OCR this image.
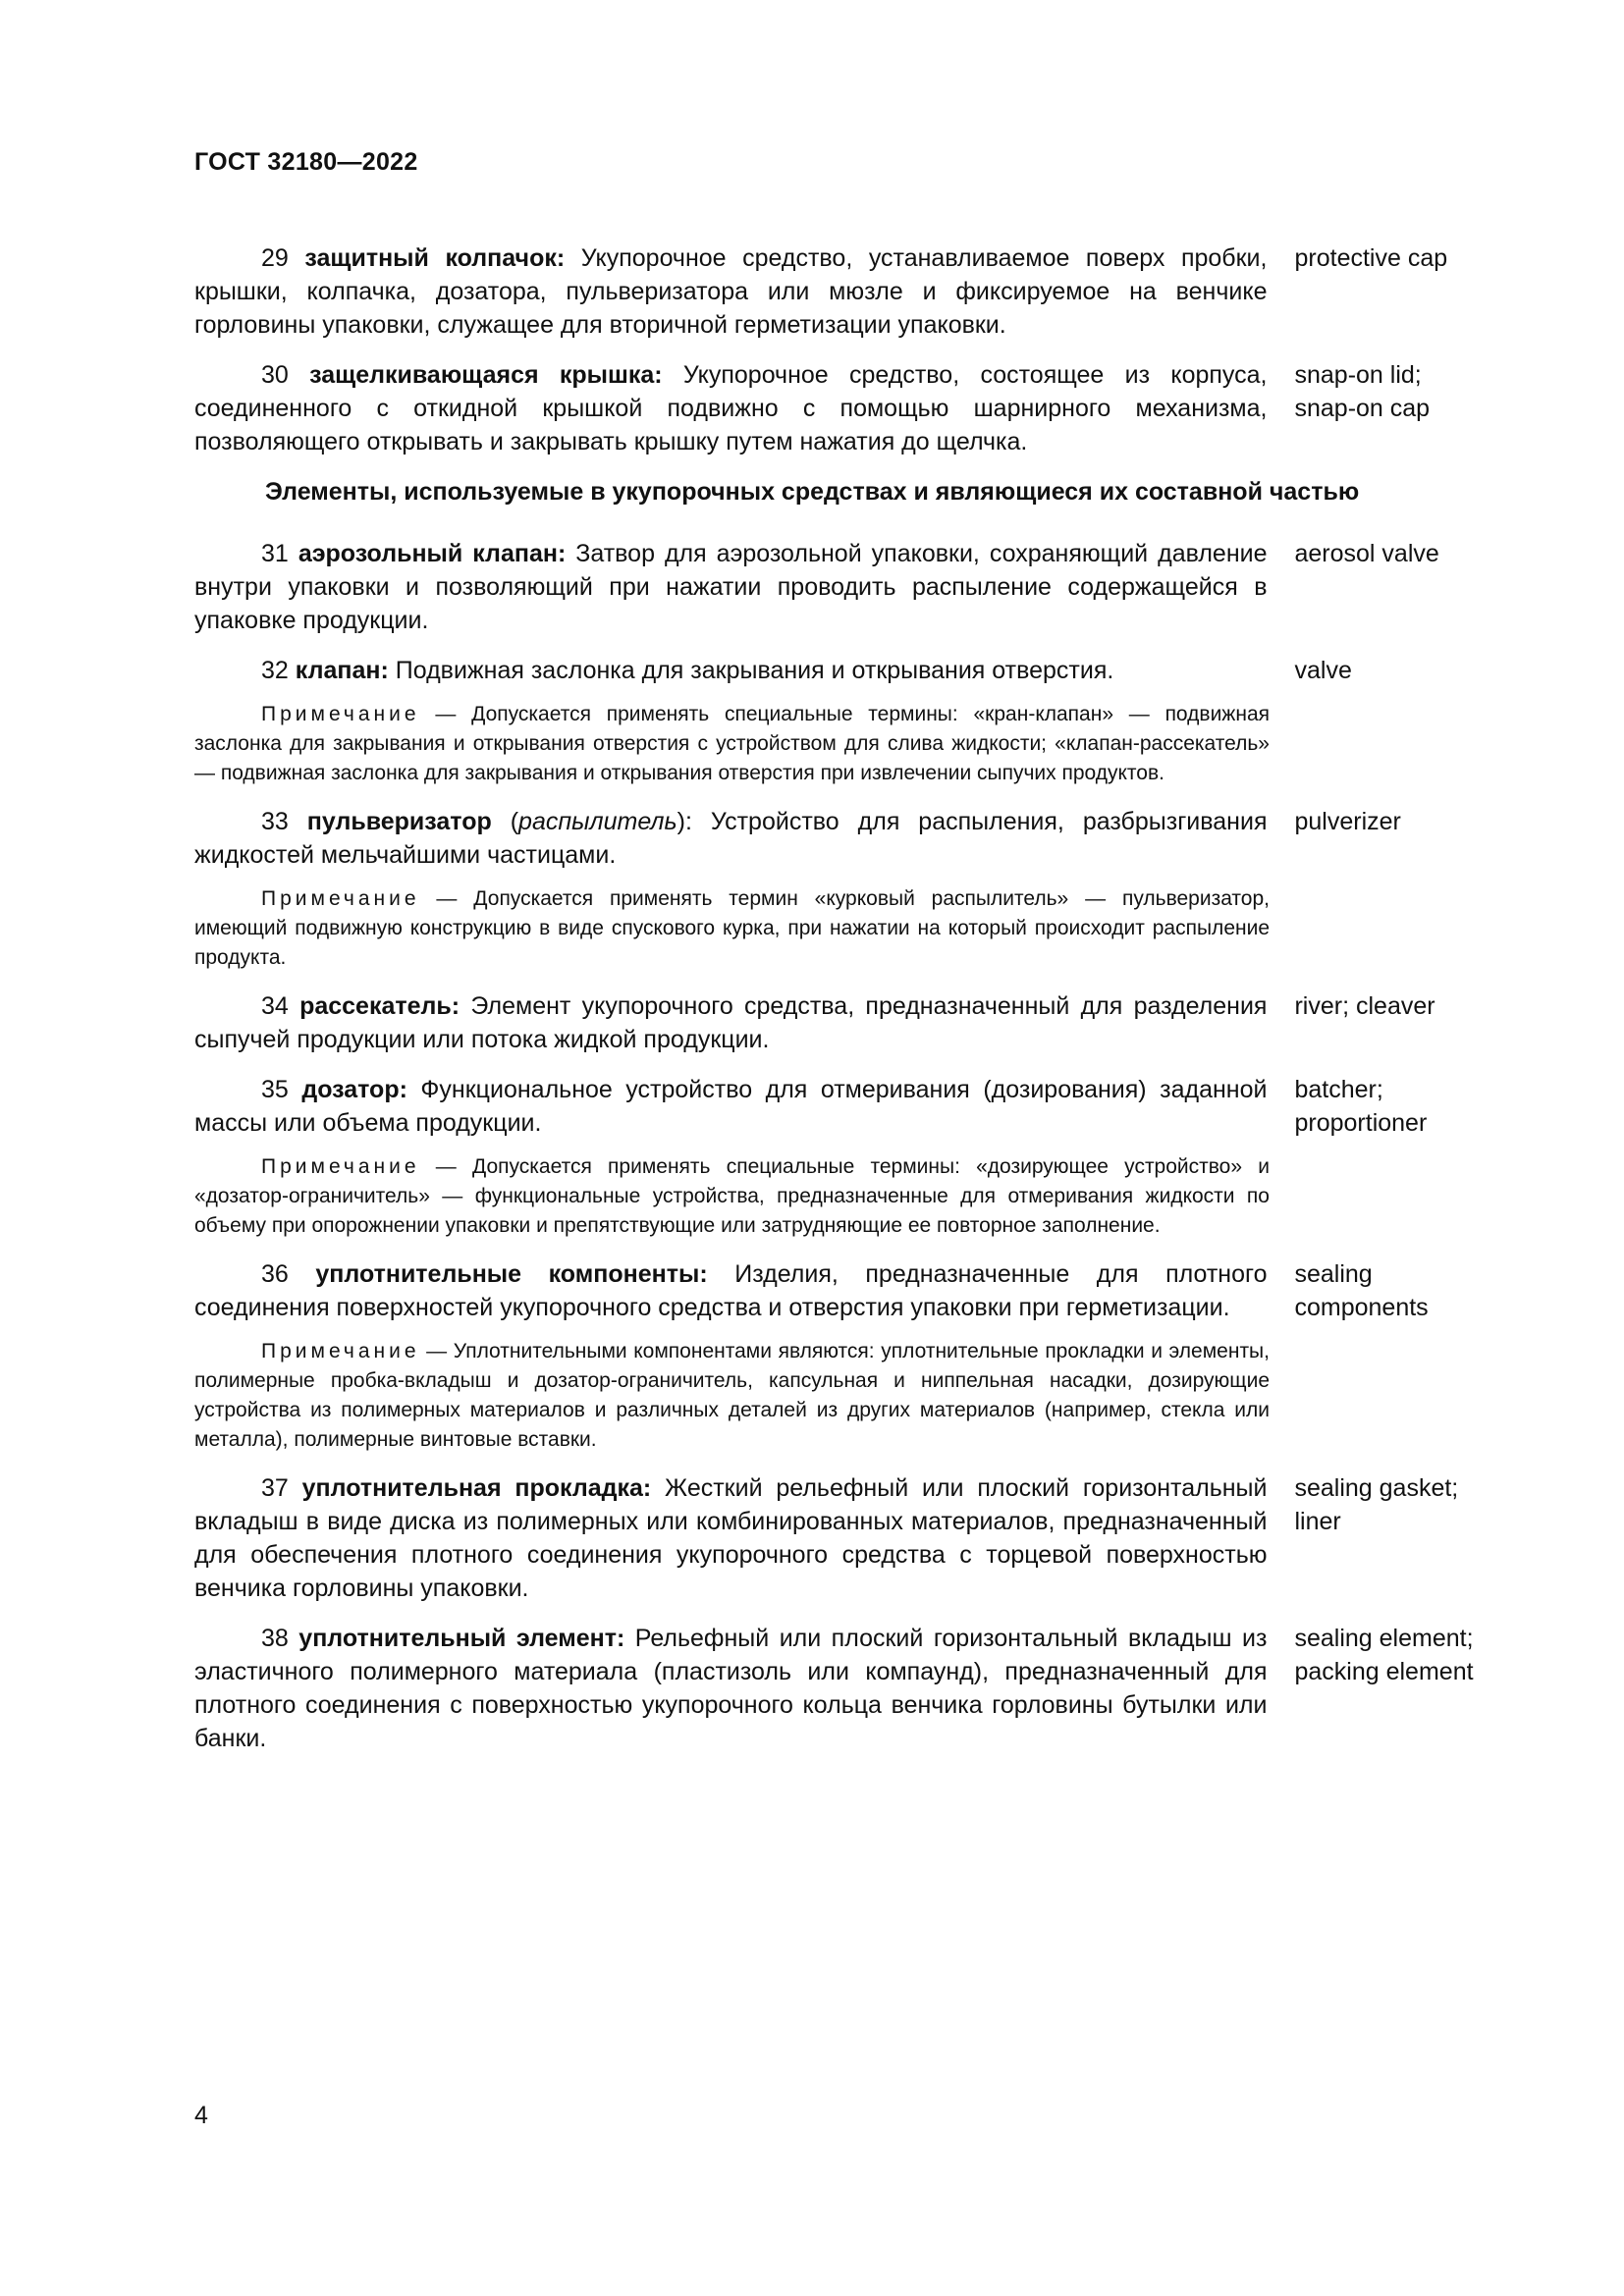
ГОСТ 32180—2022
29 защитный колпачок: Укупорочное средство, устанавливаемое поверх пробки, крышки, колпачка, дозатора, пульверизатора или мюзле и фиксируемое на венчике горловины упаковки, служащее для вторичной герметизации упаковки.
protective cap
30 защелкивающаяся крышка: Укупорочное средство, состоящее из корпуса, соединенного с откидной крышкой подвижно с помощью шарнирного механизма, позволяющего открывать и закрывать крышку путем нажатия до щелчка.
snap-on lid;
snap-on cap
Элементы, используемые в укупорочных средствах и являющиеся их составной частью
31 аэрозольный клапан: Затвор для аэрозольной упаковки, сохраняющий давление внутри упаковки и позволяющий при нажатии проводить распыление содержащейся в упаковке продукции.
aerosol valve
32 клапан: Подвижная заслонка для закрывания и открывания отверстия.	valve
Примечание — Допускается применять специальные термины: «кран-клапан» — подвижная заслонка для закрывания и открывания отверстия с устройством для слива жидкости; «клапан-рассекатель» — подвижная заслонка для закрывания и открывания отверстия при извлечении сыпучих продуктов.
33 пульверизатор (распылитель): Устройство для распыления, разбрызгивания жидкостей мельчайшими частицами.
pulverizer
Примечание — Допускается применять термин «курковый распылитель» — пульверизатор, имеющий подвижную конструкцию в виде спускового курка, при нажатии на который происходит распыление продукта.
34 рассекатель: Элемент укупорочного средства, предназначенный для разделения сыпучей продукции или потока жидкой продукции.
river; cleaver
35 дозатор: Функциональное устройство для отмеривания (дозирования) заданной массы или объема продукции.
batcher;
proportioner
Примечание — Допускается применять специальные термины: «дозирующее устройство» и «дозатор-ограничитель» — функциональные устройства, предназначенные для отмеривания жидкости по объему при опорожнении упаковки и препятствующие или затрудняющие ее повторное заполнение.
36 уплотнительные компоненты: Изделия, предназначенные для плотного соединения поверхностей укупорочного средства и отверстия упаковки при герметизации.
sealing
components
Примечание — Уплотнительными компонентами являются: уплотнительные прокладки и элементы, полимерные пробка-вкладыш и дозатор-ограничитель, капсульная и ниппельная насадки, дозирующие устройства из полимерных материалов и различных деталей из других материалов (например, стекла или металла), полимерные винтовые вставки.
37 уплотнительная прокладка: Жесткий рельефный или плоский горизонтальный вкладыш в виде диска из полимерных или комбинированных материалов, предназначенный для обеспечения плотного соединения укупорочного средства с торцевой поверхностью венчика горловины упаковки.
sealing gasket;
liner
38 уплотнительный элемент: Рельефный или плоский горизонтальный вкладыш из эластичного полимерного материала (пластизоль или компаунд), предназначенный для плотного соединения с поверхностью укупорочного кольца венчика горловины бутылки или банки.
sealing element;
packing element
4
